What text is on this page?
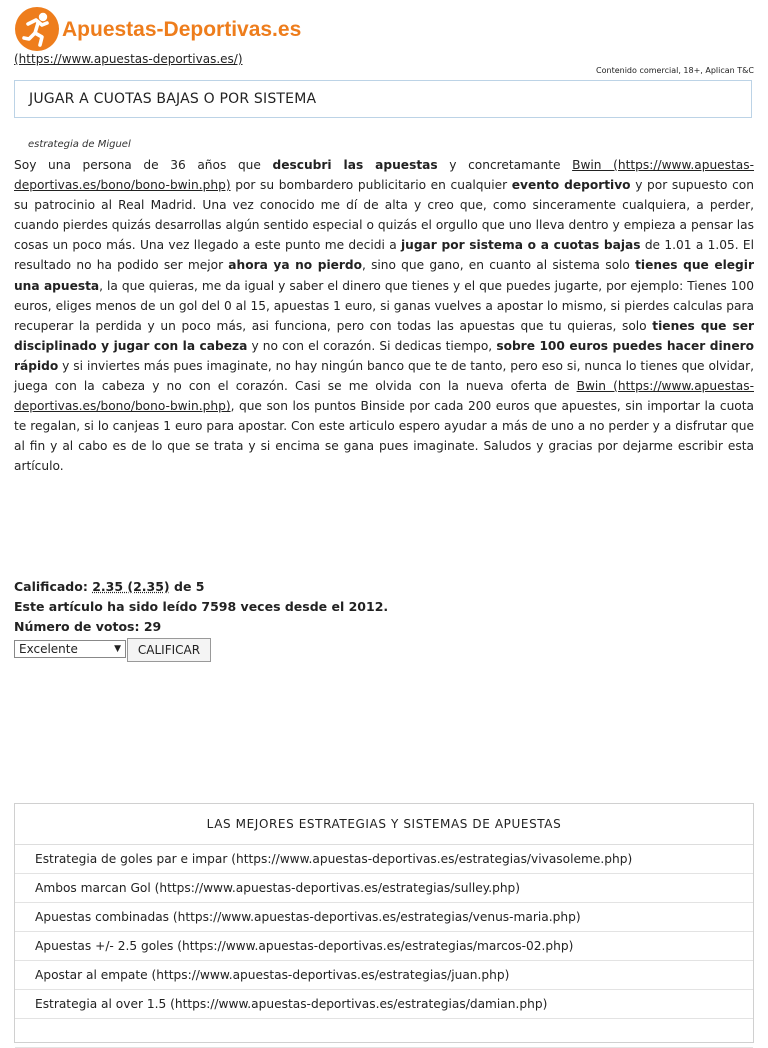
Apuestas-Deportivas.es
(https://www.apuestas-deportivas.es/)
Contenido comercial, 18+, Aplican T&C
JUGAR A CUOTAS BAJAS O POR SISTEMA
estrategia de Miguel
Soy una persona de 36 años que descubri las apuestas y concretamante Bwin (https://www.apuestas-deportivas.es/bono/bono-bwin.php) por su bombardero publicitario en cualquier evento deportivo y por supuesto con su patrocinio al Real Madrid. Una vez conocido me dí de alta y creo que, como sinceramente cualquiera, a perder, cuando pierdes quizás desarrollas algún sentido especial o quizás el orgullo que uno lleva dentro y empieza a pensar las cosas un poco más. Una vez llegado a este punto me decidi a jugar por sistema o a cuotas bajas de 1.01 a 1.05. El resultado no ha podido ser mejor ahora ya no pierdo, sino que gano, en cuanto al sistema solo tienes que elegir una apuesta, la que quieras, me da igual y saber el dinero que tienes y el que puedes jugarte, por ejemplo: Tienes 100 euros, eliges menos de un gol del 0 al 15, apuestas 1 euro, si ganas vuelves a apostar lo mismo, si pierdes calculas para recuperar la perdida y un poco más, asi funciona, pero con todas las apuestas que tu quieras, solo tienes que ser disciplinado y jugar con la cabeza y no con el corazón. Si dedicas tiempo, sobre 100 euros puedes hacer dinero rápido y si inviertes más pues imaginate, no hay ningún banco que te de tanto, pero eso si, nunca lo tienes que olvidar, juega con la cabeza y no con el corazón. Casi se me olvida con la nueva oferta de Bwin (https://www.apuestas-deportivas.es/bono/bono-bwin.php), que son los puntos Binside por cada 200 euros que apuestes, sin importar la cuota te regalan, si lo canjeas 1 euro para apostar. Con este articulo espero ayudar a más de uno a no perder y a disfrutar que al fin y al cabo es de lo que se trata y si encima se gana pues imaginate. Saludos y gracias por dejarme escribir esta artículo.
Calificado: 2.35 (2.35) de 5
Este artículo ha sido leído 7598 veces desde el 2012.
Número de votos: 29
Excelente	▼	CALIFICAR
LAS MEJORES ESTRATEGIAS Y SISTEMAS DE APUESTAS
Estrategia de goles par e impar (https://www.apuestas-deportivas.es/estrategias/vivasoleme.php)
Ambos marcan Gol (https://www.apuestas-deportivas.es/estrategias/sulley.php)
Apuestas combinadas (https://www.apuestas-deportivas.es/estrategias/venus-maria.php)
Apuestas +/- 2.5 goles (https://www.apuestas-deportivas.es/estrategias/marcos-02.php)
Apostar al empate (https://www.apuestas-deportivas.es/estrategias/juan.php)
Estrategia al over 1.5 (https://www.apuestas-deportivas.es/estrategias/damian.php)
